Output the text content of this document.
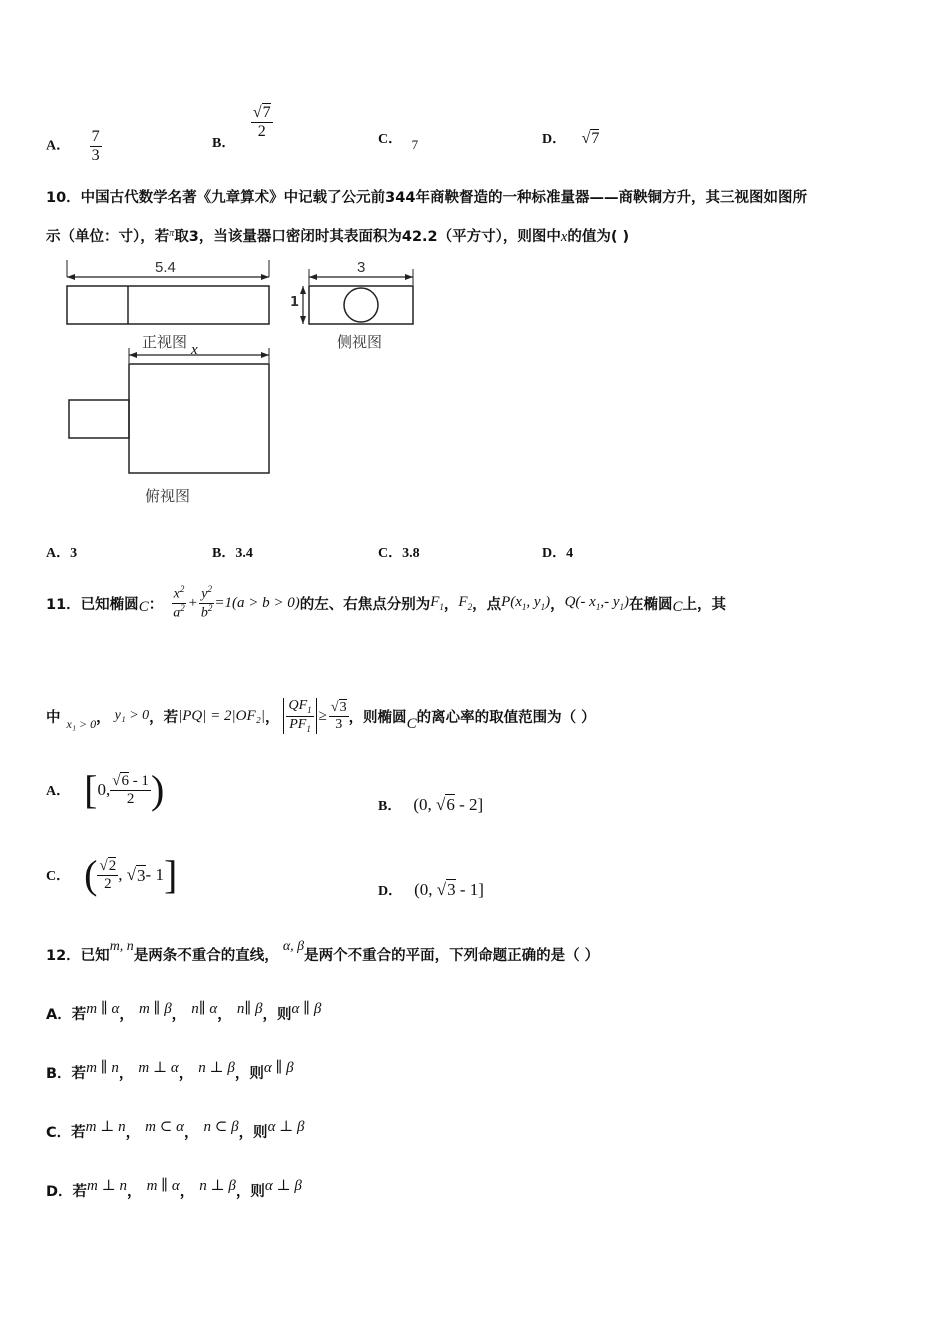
A． $\frac{7}{3}$	B．
$\frac{√7}{2}$	C． 7	D． √7
10．中国古代数学名著《九章算术》中记载了公元前344年商鞅督造的一种标准量器——商鞅铜方升，其三视图如图所
示（单位：寸），若$^\pi$取3，当该量器口密闭时其表面积为42.2（平方寸），则图中x的值为( )
5.4	3
1
正视图	侧视图
x
俯视图
A．3	B．3.4	C．3.8	D．4
11．已知椭圆 C ： $\frac{x^2}{a^2} + \frac{y^2}{b^2} =1(a > b > 0)$ 的左、右焦点分别为 $F_1$ ， $F_2$ ，点 $P(x_1$, $y_1$) ， Q(- $x_1,-$ $y_1$) 在椭圆 C 上，其
中 x₁ > 0 ， y₁ > 0 ，若 |PQ| = 2|OF₂| ， $\frac{QF_1}{PF_1} \ge \frac{√3}{3}$ ，则椭圆 C 的离心率的取值范围为（ ）
A． [ 0, $\frac{√6 - 1}{2}$ )	B． (0, √6 - 2]
C． ( $\frac{√2}{2}$ , √ 3 - 1 ]	D． (0, √3 - 1]
12．已知m, n是两条不重合的直线，α, β是两个不重合的平面，下列命题正确的是（ ）
A．若m ∥ α， m ∥ β， n∥ α， n∥ β，则α ∥ β
B．若m ∥ n， m ⊥ α， n ⊥ β，则α ∥ β
C．若m ⊥ n， m ⊂ α， n ⊂ β，则α ⊥ β
D．若m ⊥ n， m ∥ α， n ⊥ β，则α ⊥ β
